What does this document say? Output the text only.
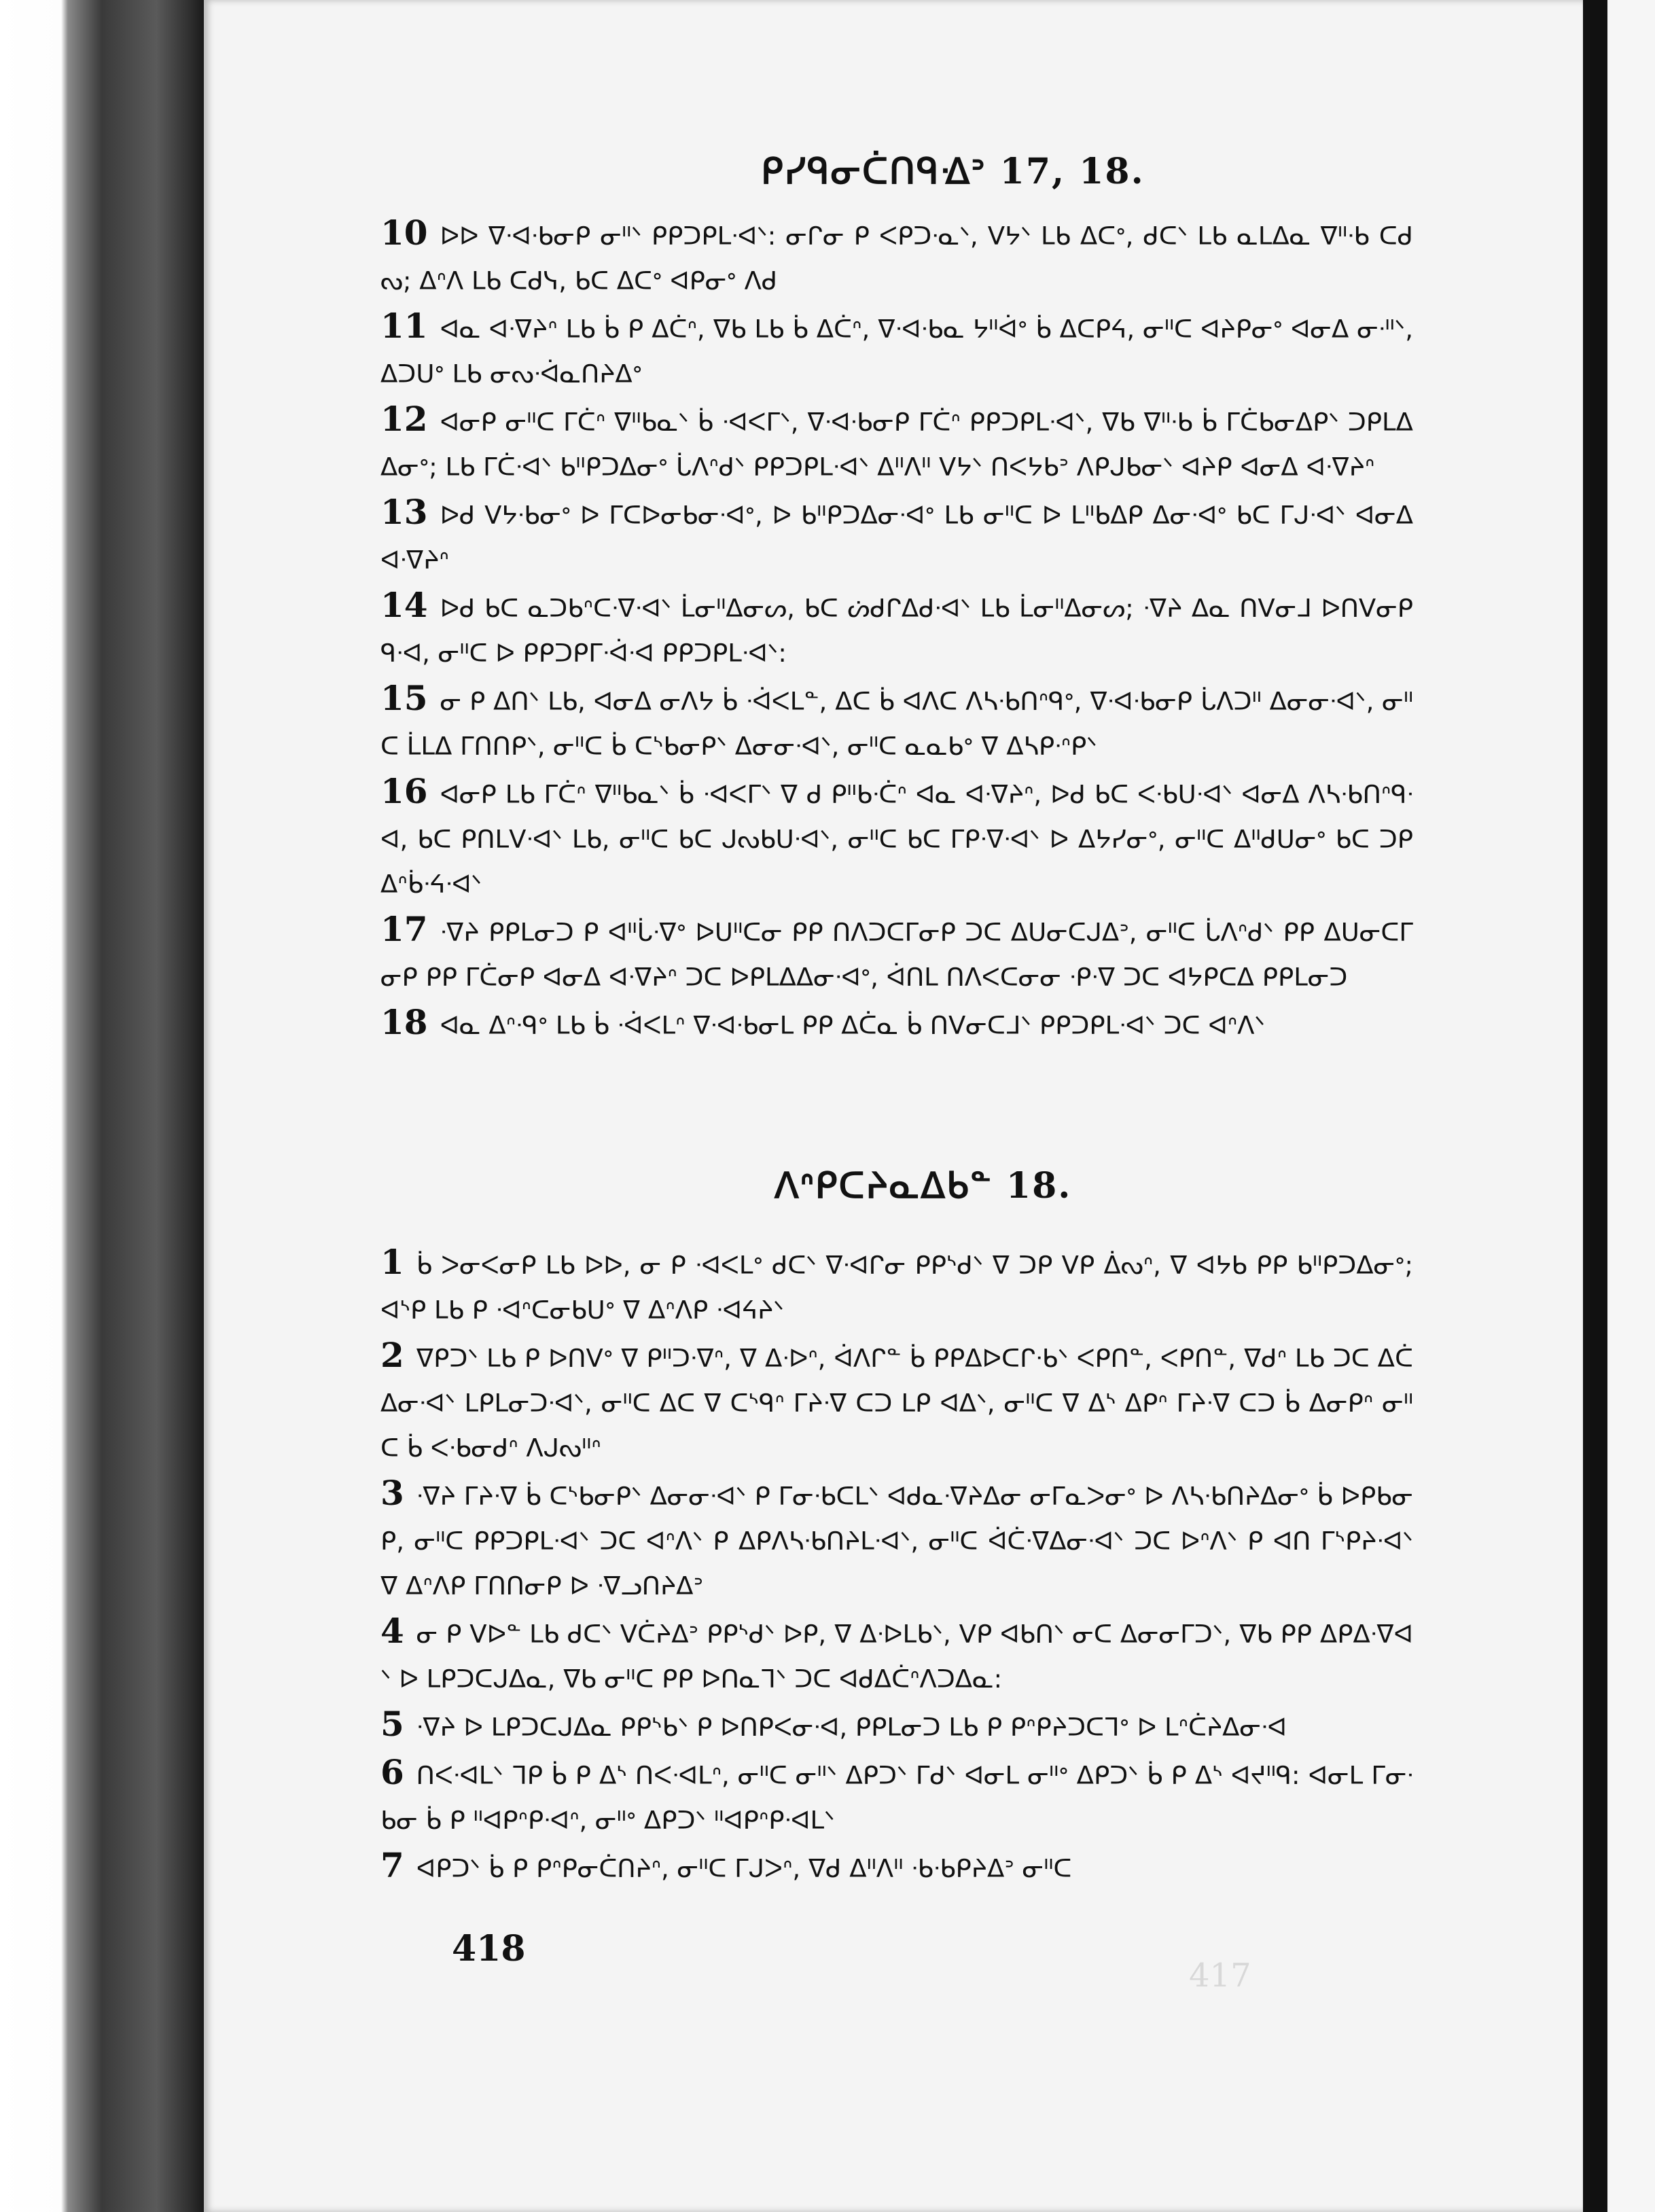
ᑭᓯᑫᓂᑖᑎᑫᐎᐣ 17, 18.

10 ᐅᐅ ᐁᐧᐊᐧᑲᓂᑭ ᓂᐦᐠ ᑭᑭᑐᑭᒪᐧᐊᐠ: ᓂᒋᓂ ᑭ ᐸᑭᑐᐧᓇᐠ, ᐯᔭᐠ ᒪᑲ ᐃᑕᐤ, ᑯᑕᐠ ᒪᑲ ᓇᒪᐃᓇ ᐁᐦᐧᑲ ᑕᑯᔓ; ᐃᐢᐱ ᒪᑲ ᑕᑯᓭ, ᑲᑕ ᐃᑕᐤ ᐊᑭᓂᐤ ᐱᑯ

11 ᐊᓇ ᐊᐧᐁᔨᐢ ᒪᑲ ᑳ ᑭ ᐃᑖᐢ, ᐁᑲ ᒪᑲ ᑳ ᐃᑖᐢ, ᐁᐧᐊᐧᑲᓇ ᔭᐦᐋᐤ ᑳ ᐃᑕᑭᔦ, ᓂᐦᑕ ᐊᔨᑭᓂᐤ ᐊᓂᐃ ᓂᐧᐦᐠ, ᐃᑐᑌᐤ ᒪᑲ ᓂᔓᐧᐋᓇᑎᔨᐃᐤ

12 ᐊᓂᑭ ᓂᐦᑕ ᒥᑖᐢ ᐁᐦᑲᓇᐠ ᑳ ᐧᐊᐸᒥᐠ, ᐁᐧᐊᐧᑲᓂᑭ ᒥᑖᐢ ᑭᑭᑐᑭᒪᐧᐊᐠ, ᐁᑲ ᐁᐦᐧᑲ ᑳ ᒥᑖᑲᓂᐃᑭᐠ ᑐᑭᒪᐃᐃᓂᐤ; ᒪᑲ ᒥᑖᐧᐊᐠ ᑲᐦᑭᑐᐃᓂᐤ ᒑᐱᐢᑯᐠ ᑭᑭᑐᑭᒪᐧᐊᐠ ᐃᐦᐱᐦ ᐯᔭᐠ ᑎᐸᔭᑲᐣ ᐱᑭᒍᑲᓂᐠ ᐊᔨᑭ ᐊᓂᐃ ᐊᐧᐁᔨᐢ

13 ᐅᑯ ᐯᔭᐧᑲᓂᐤ ᐅ ᒥᑕᐅᓂᑲᓂᐧᐊᐤ, ᐅ ᑲᐦᑭᑐᐃᓂᐧᐊᐤ ᒪᑲ ᓂᐦᑕ ᐅ ᒪᐦᑲᐃᑭ ᐃᓂᐧᐊᐤ ᑲᑕ ᒥᒍᐧᐊᐠ ᐊᓂᐃ ᐊᐧᐁᔨᐢ

14 ᐅᑯ ᑲᑕ ᓇᑐᑲᐢᑕᐧᐁᐧᐊᐠ ᒫᓂᐦᐃᓂᔕ, ᑲᑕ ᔖᑯᒋᐃᑯᐧᐊᐠ ᒪᑲ ᒫᓂᐦᐃᓂᔕ; ᐧᐁᔨ ᐃᓇ ᑎᐯᓂᒧ ᐅᑎᐯᓂᑭᑫᐧᐊ, ᓂᐦᑕ ᐅ ᑭᑭᑐᑭᒥᐧᐋᐧᐊ ᑭᑭᑐᑭᒪᐧᐊᐠ:

15 ᓂ ᑭ ᐃᑎᐠ ᒪᑲ, ᐊᓂᐃ ᓂᐱᔭ ᑳ ᐧᐋᐸᒪᓐ, ᐃᑕ ᑳ ᐊᐱᑕ ᐱᓴᐧᑲᑎᐢᑫᐤ, ᐁᐧᐊᐧᑲᓂᑭ ᒑᐱᑐᐦ ᐃᓂᓂᐧᐊᐠ, ᓂᐦᑕ ᒫᒪᐃ ᒥᑎᑎᑭᐠ, ᓂᐦᑕ ᑳ ᑕᔅᑲᓂᑭᐠ ᐃᓂᓂᐧᐊᐠ, ᓂᐦᑕ ᓇᓇᑲᐤ ᐁ ᐃᓴᑭᐧᐢᑭᐠ

16 ᐊᓂᑭ ᒪᑲ ᒥᑖᐢ ᐁᐦᑲᓇᐠ ᑳ ᐧᐊᐸᒥᐠ ᐁ ᑯ ᑭᐦᑲᐧᑖᐢ ᐊᓇ ᐊᐧᐁᔨᐢ, ᐅᑯ ᑲᑕ ᐸᐧᑲᑌᐧᐊᐠ ᐊᓂᐃ ᐱᓴᐧᑲᑎᐢᑫᐧᐊ, ᑲᑕ ᑭᑎᒪᐯᐧᐊᐠ ᒪᑲ, ᓂᐦᑕ ᑲᑕ ᒍᔓᑲᑌᐧᐊᐠ, ᓂᐦᑕ ᑲᑕ ᒥᑭᐧᐁᐧᐊᐠ ᐅ ᐃᔭᓯᓂᐤ, ᓂᐦᑕ ᐃᐦᑯᑌᓂᐤ ᑲᑕ ᑐᑭ ᐃᐢᑳᐧᔦᐧᐊᐠ

17 ᐧᐁᔨ ᑭᑭᒪᓂᑐ ᑭ ᐊᐦᒑᐧᐁᐤ ᐅᑌᐦᑕᓂ ᑭᑭ ᑎᐱᑐᑕᒥᓂᑭ ᑐᑕ ᐃᑌᓂᑕᒍᐃᐣ, ᓂᐦᑕ ᒑᐱᐢᑯᐠ ᑭᑭ ᐃᑌᓂᑕᒥᓂᑭ ᑭᑭ ᒥᑖᓂᑭ ᐊᓂᐃ ᐊᐧᐁᔨᐢ ᑐᑕ ᐅᑭᒪᐃᐃᓂᐧᐊᐤ, ᐋᑎᒪ ᑎᐱᐸᑕᓂᓂ ᐧᑭᐧᐁ ᑐᑕ ᐊᔭᑭᑕᐃ ᑭᑭᒪᓂᑐ

18 ᐊᓇ ᐃᐢᐧᑫᐤ ᒪᑲ ᑳ ᐧᐋᐸᒪᐢ ᐁᐧᐊᐧᑲᓂᒪ ᑭᑭ ᐃᑖᓇ ᑳ ᑎᐯᓂᑕᒧᐠ ᑭᑭᑐᑭᒪᐧᐊᐠ ᑐᑕ ᐊᐢᐱᐠ

ᐱᐢᑭᑕᔨᓇᐃᑲᓐ 18.

1 ᑳ ᐳᓂᐸᓂᑭ ᒪᑲ ᐅᐅ, ᓂ ᑭ ᐧᐊᐸᒪᐤ ᑯᑕᐠ ᐁᐧᐊᒋᓂ ᑭᑭᔅᑯᐠ ᐁ ᑐᑭ ᐯᑭ ᐄᔓᐢ, ᐁ ᐊᔭᑲ ᑭᑭ ᑲᐦᑭᑐᐃᓂᐤ; ᐊᔅᑭ ᒪᑲ ᑭ ᐧᐊᐢᑕᓂᑲᑌᐤ ᐁ ᐃᐢᐱᑭ ᐧᐊᔦᔨᐠ

2 ᐁᑭᑐᐠ ᒪᑲ ᑭ ᐅᑎᐯᐤ ᐁ ᑭᐦᑐᐧᐁᐢ, ᐁ ᐃᐧᐅᐢ, ᐋᐱᒋᓐ ᑳ ᑭᑭᐃᐅᑕᒋᐧᑲᐠ ᐸᑭᑎᓐ, ᐸᑭᑎᓐ, ᐁᑯᐢ ᒪᑲ ᑐᑕ ᐃᑖᐃᓂᐧᐊᐠ ᒪᑭᒪᓂᑐᐧᐊᐠ, ᓂᐦᑕ ᐃᑕ ᐁ ᑕᔅᑫᐢ ᒥᔨᐧᐁ ᑕᑐ ᒪᑭ ᐊᐃᐠ, ᓂᐦᑕ ᐁ ᐃᔅ ᐃᑭᐢ ᒥᔨᐧᐁ ᑕᑐ ᑳ ᐃᓂᑭᐢ ᓂᐦᑕ ᑳ ᐸᐧᑲᓂᑯᐢ ᐱᒍᔓᐦᐢ

3 ᐧᐁᔨ ᒥᔨᐧᐁ ᑳ ᑕᔅᑲᓂᑭᐠ ᐃᓂᓂᐧᐊᐠ ᑭ ᒥᓂᐧᑲᑕᒪᐠ ᐊᑯᓇᐧᐁᔨᐃᓂ ᓂᒥᓇᐳᓂᐤ ᐅ ᐱᓴᐧᑲᑎᔨᐃᓂᐤ ᑳ ᐅᑭᑲᓂᑭ, ᓂᐦᑕ ᑭᑭᑐᑭᒪᐧᐊᐠ ᑐᑕ ᐊᐢᐱᐠ ᑭ ᐃᑭᐱᓴᐧᑲᑎᔨᒪᐧᐊᐠ, ᓂᐦᑕ ᐋᑖᐧᐁᐃᓂᐧᐊᐠ ᑐᑕ ᐅᐢᐱᐠ ᑭ ᐊᑎ ᒥᔅᑭᔨᐧᐊᐠ ᐁ ᐃᐢᐱᑭ ᒥᑎᑎᓂᑭ ᐅ ᐧᐁᓗᑎᔨᐃᐣ

4 ᓂ ᑭ ᐯᐅᓐ ᒪᑲ ᑯᑕᐠ ᐯᑖᔨᐃᐣ ᑭᑭᔅᑯᐠ ᐅᑭ, ᐁ ᐃᐧᐅᒪᑲᐠ, ᐯᑭ ᐊᑲᑎᐠ ᓂᑕ ᐃᓂᓂᒥᑐᐠ, ᐁᑲ ᑭᑭ ᐃᑭᐃᐧᐁᐊᐠ ᐅ ᒪᑭᑐᑕᒍᐃᓇ, ᐁᑲ ᓂᐦᑕ ᑭᑭ ᐅᑎᓇᒣᐠ ᑐᑕ ᐊᑯᐃᑖᐢᐱᑐᐃᓇ:

5 ᐧᐁᔨ ᐅ ᒪᑭᑐᑕᒍᐃᓇ ᑭᑭᔅᑲᐠ ᑭ ᐅᑎᑭᐸᓂᐧᐊ, ᑭᑭᒪᓂᑐ ᒪᑲ ᑭ ᑭᐢᑭᔨᑐᑕᒣᐤ ᐅ ᒪᐢᑖᔨᐃᓂᐧᐊ

6 ᑎᐸᐧᐊᒪᐠ ᒣᑭ ᑳ ᑭ ᐃᔅ ᑎᐸᐧᐊᒪᐢ, ᓂᐦᑕ ᓂᐦᐠ ᐃᑭᑐᐠ ᒥᑯᐠ ᐊᓂᒪ ᓂᐦᐤ ᐃᑭᑐᐠ ᑳ ᑭ ᐃᔅ ᐊᔪᐦᑫ: ᐊᓂᒪ ᒥᓂᐧᑲᓂ ᑳ ᑭ ᐦᐊᑭᐢᑭᐧᐊᐢ, ᓂᐦᐤ ᐃᑭᑐᐠ ᐦᐊᑭᐢᑭᐧᐊᒪᐠ

7 ᐊᑭᑐᐠ ᑳ ᑭ ᑭᐢᑭᓂᑖᑎᔨᐢ, ᓂᐦᑕ ᒥᒍᐳᐢ, ᐁᑯ ᐃᐦᐱᐦ ᐧᑲᐧᑲᑭᔨᐃᐣ ᓂᐦᑕ

418
417
